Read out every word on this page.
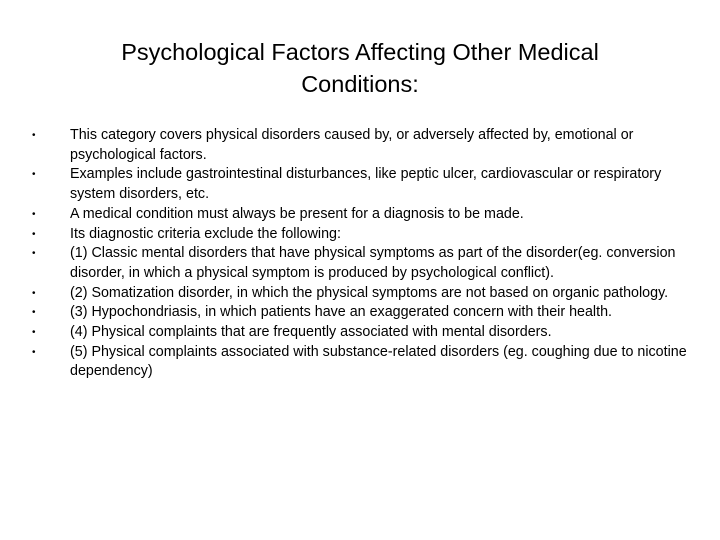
Psychological Factors Affecting Other Medical Conditions:
•	This category covers physical disorders caused by, or adversely affected by, emotional or psychological factors.
•	Examples include gastrointestinal disturbances, like peptic ulcer, cardiovascular or respiratory system disorders, etc.
•	A medical condition must always be present for a diagnosis to be made.
•	Its diagnostic criteria exclude the following:
•	(1) Classic mental disorders that have physical symptoms as part of the disorder(eg. conversion disorder, in which a physical symptom is produced by psychological conflict).
•	(2) Somatization disorder, in which the physical symptoms are not based on organic pathology.
•	(3) Hypochondriasis, in which patients have an exaggerated concern with their health.
•	(4) Physical complaints that are frequently associated with mental disorders.
•	(5) Physical complaints associated with substance-related disorders (eg. coughing due to nicotine dependency)
